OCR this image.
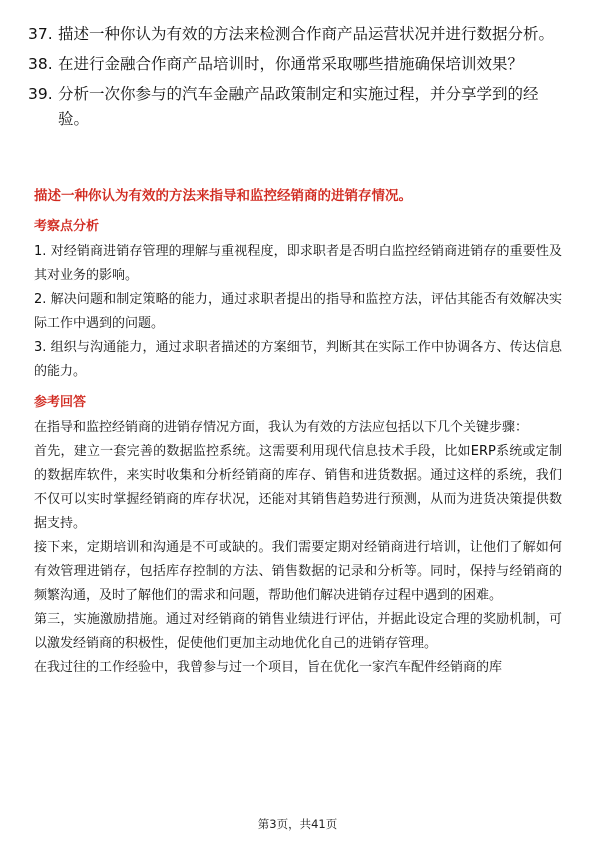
37. 描述一种你认为有效的方法来检测合作商产品运营状况并进行数据分析。
38. 在进行金融合作商产品培训时，你通常采取哪些措施确保培训效果？
39. 分析一次你参与的汽车金融产品政策制定和实施过程，并分享学到的经验。
描述一种你认为有效的方法来指导和监控经销商的进销存情况。
考察点分析
1. 对经销商进销存管理的理解与重视程度，即求职者是否明白监控经销商进销存的重要性及其对业务的影响。
2. 解决问题和制定策略的能力，通过求职者提出的指导和监控方法，评估其能否有效解决实际工作中遇到的问题。
3. 组织与沟通能力，通过求职者描述的方案细节，判断其在实际工作中协调各方、传达信息的能力。
参考回答
在指导和监控经销商的进销存情况方面，我认为有效的方法应包括以下几个关键步骤：
首先，建立一套完善的数据监控系统。这需要利用现代信息技术手段，比如ERP系统或定制的数据库软件，来实时收集和分析经销商的库存、销售和进货数据。通过这样的系统，我们不仅可以实时掌握经销商的库存状况，还能对其销售趋势进行预测，从而为进货决策提供数据支持。
接下来，定期培训和沟通是不可或缺的。我们需要定期对经销商进行培训，让他们了解如何有效管理进销存，包括库存控制的方法、销售数据的记录和分析等。同时，保持与经销商的频繁沟通，及时了解他们的需求和问题，帮助他们解决进销存过程中遇到的困难。
第三，实施激励措施。通过对经销商的销售业绩进行评估，并据此设定合理的奖励机制，可以激发经销商的积极性，促使他们更加主动地优化自己的进销存管理。
在我过往的工作经验中，我曾参与过一个项目，旨在优化一家汽车配件经销商的库
第3页，共41页
